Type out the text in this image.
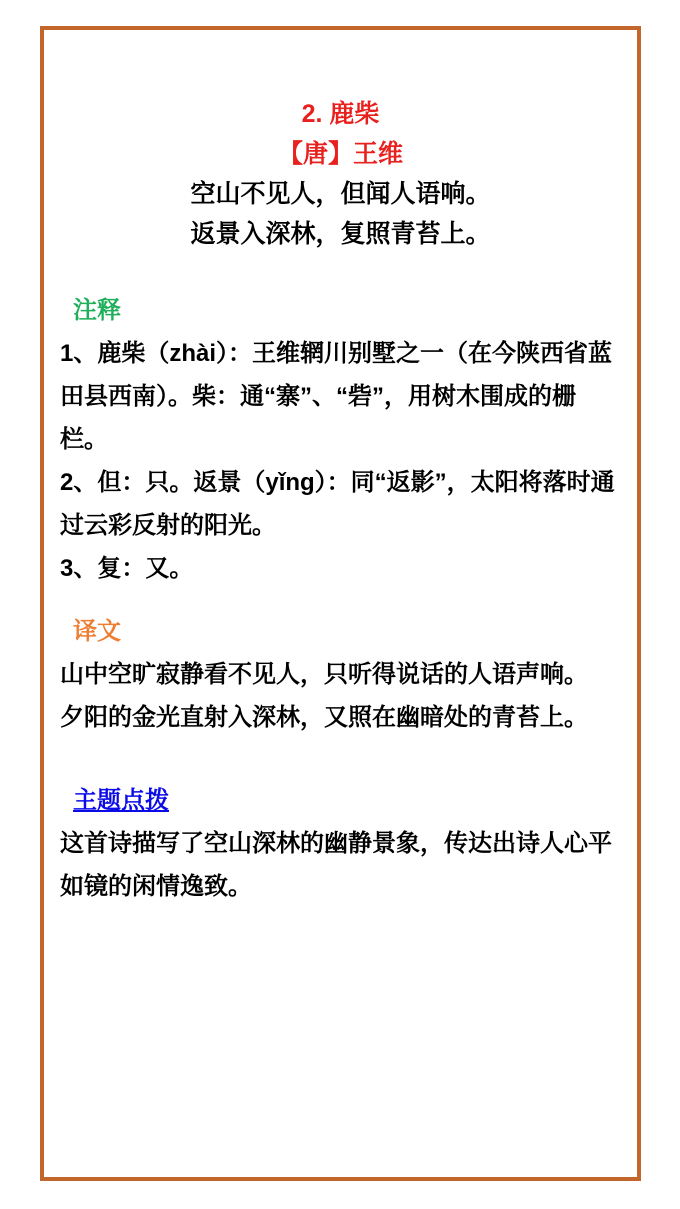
2. 鹿柴
【唐】王维
空山不见人，但闻人语响。
返景入深林，复照青苔上。
注释

1、鹿柴（zhài）：王维辋川别墅之一（在今陕西省蓝田县西南）。柴：通“寨”、“砦”，用树木围成的栅栏。

2、但：只。返景（yǐng）：同“返影”，太阳将落时通过云彩反射的阳光。

3、复：又。

译文

山中空旷寂静看不见人，只听得说话的人语声响。

夕阳的金光直射入深林，又照在幽暗处的青苔上。

主题点拨

这首诗描写了空山深林的幽静景象，传达出诗人心平如镜的闲情逸致。
